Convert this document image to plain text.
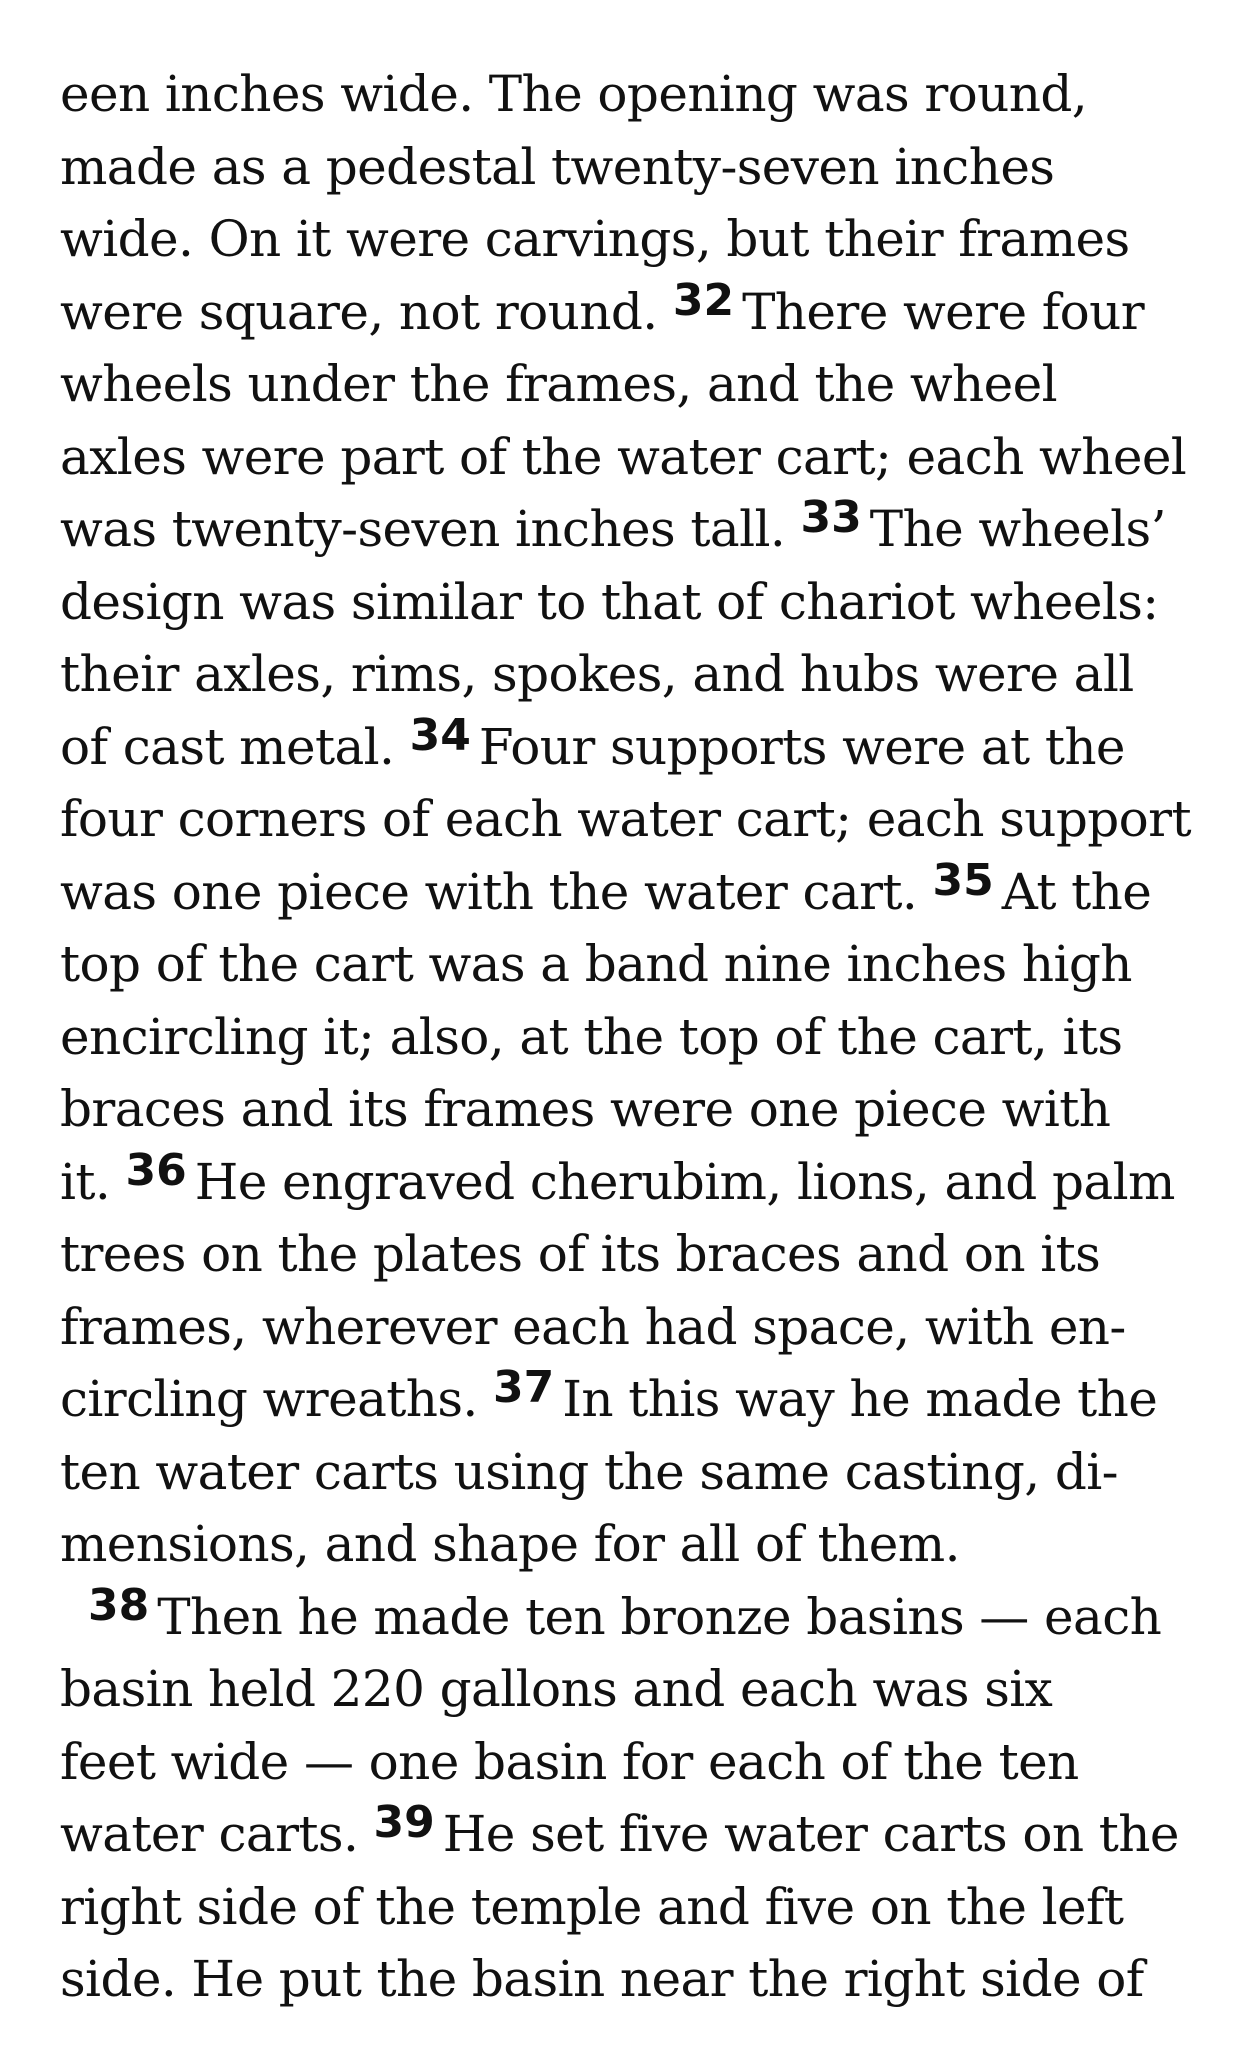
een inches wide. The opening was round,
made as a pedestal twenty-seven inches
wide. On it were carvings, but their frames
were square, not round. 32 There were four
wheels under the frames, and the wheel
axles were part of the water cart; each wheel
was twenty-seven inches tall. 33 The wheels’
design was similar to that of chariot wheels:
their axles, rims, spokes, and hubs were all
of cast metal. 34 Four supports were at the
four corners of each water cart; each support
was one piece with the water cart. 35 At the
top of the cart was a band nine inches high
encircling it; also, at the top of the cart, its
braces and its frames were one piece with
it. 36 He engraved cherubim, lions, and palm
trees on the plates of its braces and on its
frames, wherever each had space, with en-
circling wreaths. 37 In this way he made the
ten water carts using the same casting, di-
mensions, and shape for all of them.
38 Then he made ten bronze basins — each
basin held 220 gallons and each was six
feet wide — one basin for each of the ten
water carts. 39 He set five water carts on the
right side of the temple and five on the left
side. He put the basin near the right side of
